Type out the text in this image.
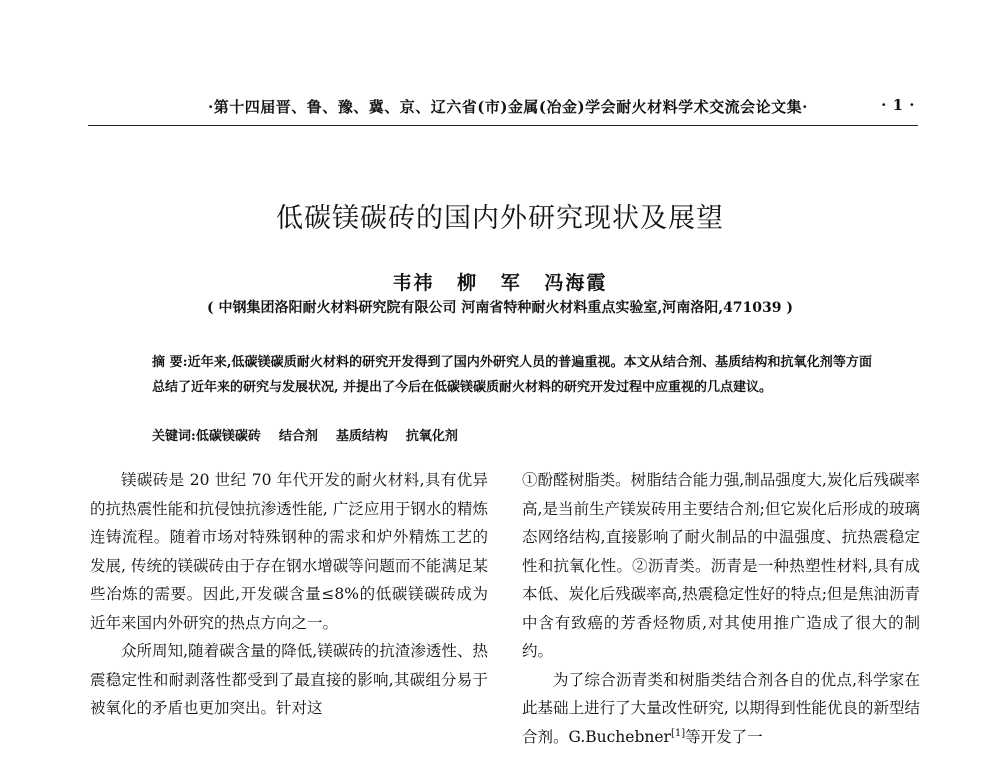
·第十四届晋、鲁、豫、冀、京、辽六省(市)金属(冶金)学会耐火材料学术交流会论文集·	· 1 ·
低碳镁碳砖的国内外研究现状及展望
韦祎 柳 军 冯海霞
( 中钢集团洛阳耐火材料研究院有限公司 河南省特种耐火材料重点实验室,河南洛阳,471039 )
摘 要:近年来,低碳镁碳质耐火材料的研究开发得到了国内外研究人员的普遍重视。本文从结合剂、基质结构和抗氧化剂等方面总结了近年来的研究与发展状况, 并提出了今后在低碳镁碳质耐火材料的研究开发过程中应重视的几点建议。
关键词:低碳镁碳砖 结合剂 基质结构 抗氧化剂

镁碳砖是 20 世纪 70 年代开发的耐火材料,具有优异的抗热震性能和抗侵蚀抗渗透性能, 广泛应用于钢水的精炼连铸流程。随着市场对特殊钢种的需求和炉外精炼工艺的发展, 传统的镁碳砖由于存在钢水增碳等问题而不能满足某些冶炼的需要。因此,开发碳含量≤8%的低碳镁碳砖成为近年来国内外研究的热点方向之一。

众所周知,随着碳含量的降低,镁碳砖的抗渣渗透性、热震稳定性和耐剥落性都受到了最直接的影响,其碳组分易于被氧化的矛盾也更加突出。针对这

①酚醛树脂类。树脂结合能力强,制品强度大,炭化后残碳率高,是当前生产镁炭砖用主要结合剂;但它炭化后形成的玻璃态网络结构,直接影响了耐火制品的中温强度、抗热震稳定性和抗氧化性。②沥青类。沥青是一种热塑性材料,具有成本低、炭化后残碳率高,热震稳定性好的特点;但是焦油沥青中含有致癌的芳香烃物质,对其使用推广造成了很大的制约。

为了综合沥青类和树脂类结合剂各自的优点,科学家在此基础上进行了大量改性研究, 以期得到性能优良的新型结合剂。G.Buchebner[1]等开发了一
